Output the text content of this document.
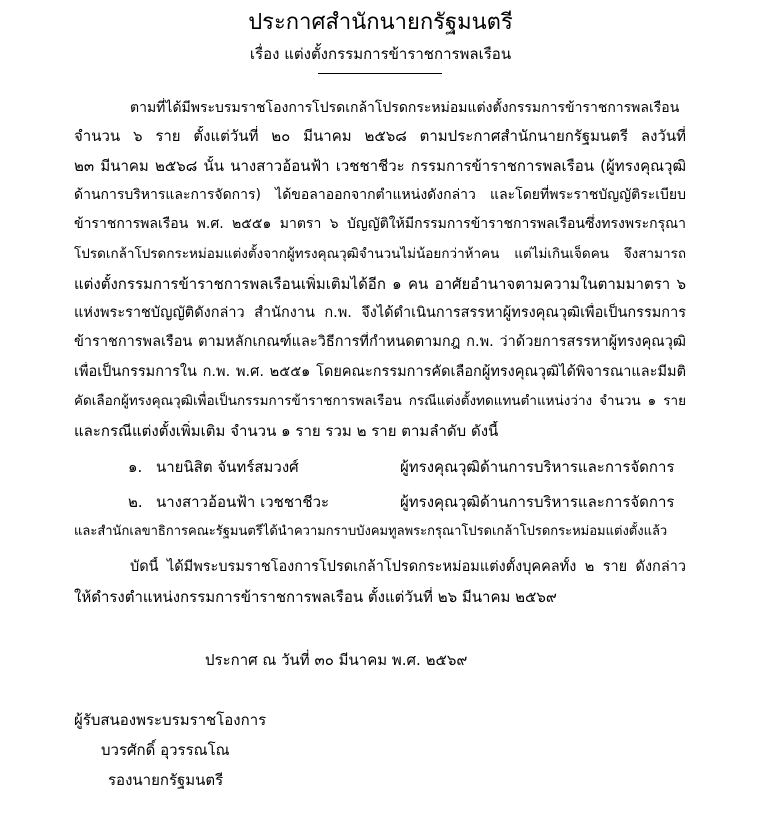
ประกาศสำนักนายกรัฐมนตรี
เรื่อง แต่งตั้งกรรมการข้าราชการพลเรือน
ตามที่ได้มีพระบรมราชโองการโปรดเกล้าโปรดกระหม่อมแต่งตั้งกรรมการข้าราชการพลเรือน
จำนวน ๖ ราย ตั้งแต่วันที่ ๒๐ มีนาคม ๒๕๖๘ ตามประกาศสำนักนายกรัฐมนตรี ลงวันที่
๒๓ มีนาคม ๒๕๖๘ นั้น นางสาวอ้อนฟ้า เวชชาชีวะ กรรมการข้าราชการพลเรือน (ผู้ทรงคุณวุฒิ
ด้านการบริหารและการจัดการ) ได้ขอลาออกจากตำแหน่งดังกล่าว และโดยที่พระราชบัญญัติระเบียบ
ข้าราชการพลเรือน พ.ศ. ๒๕๕๑ มาตรา ๖ บัญญัติให้มีกรรมการข้าราชการพลเรือนซึ่งทรงพระกรุณา
โปรดเกล้าโปรดกระหม่อมแต่งตั้งจากผู้ทรงคุณวุฒิจำนวนไม่น้อยกว่าห้าคน แต่ไม่เกินเจ็ดคน จึงสามารถ
แต่งตั้งกรรมการข้าราชการพลเรือนเพิ่มเติมได้อีก ๑ คน อาศัยอำนาจตามความในตามมาตรา ๖
แห่งพระราชบัญญัติดังกล่าว สำนักงาน ก.พ. จึงได้ดำเนินการสรรหาผู้ทรงคุณวุฒิเพื่อเป็นกรรมการ
ข้าราชการพลเรือน ตามหลักเกณฑ์และวิธีการที่กำหนดตามกฎ ก.พ. ว่าด้วยการสรรหาผู้ทรงคุณวุฒิ
เพื่อเป็นกรรมการใน ก.พ. พ.ศ. ๒๕๕๑ โดยคณะกรรมการคัดเลือกผู้ทรงคุณวุฒิได้พิจารณาและมีมติ
คัดเลือกผู้ทรงคุณวุฒิเพื่อเป็นกรรมการข้าราชการพลเรือน กรณีแต่งตั้งทดแทนตำแหน่งว่าง จำนวน ๑ ราย
และกรณีแต่งตั้งเพิ่มเติม จำนวน ๑ ราย รวม ๒ ราย ตามลำดับ ดังนี้
๑. นายนิสิต จันทร์สมวงศ์	ผู้ทรงคุณวุฒิด้านการบริหารและการจัดการ
๒. นางสาวอ้อนฟ้า เวชชาชีวะ	ผู้ทรงคุณวุฒิด้านการบริหารและการจัดการ
และสำนักเลขาธิการคณะรัฐมนตรีได้นำความกราบบังคมทูลพระกรุณาโปรดเกล้าโปรดกระหม่อมแต่งตั้งแล้ว
บัดนี้ ได้มีพระบรมราชโองการโปรดเกล้าโปรดกระหม่อมแต่งตั้งบุคคลทั้ง ๒ ราย ดังกล่าว
ให้ดำรงตำแหน่งกรรมการข้าราชการพลเรือน ตั้งแต่วันที่ ๒๖ มีนาคม ๒๕๖๙
ประกาศ ณ วันที่ ๓๐ มีนาคม พ.ศ. ๒๕๖๙
ผู้รับสนองพระบรมราชโองการ
บวรศักดิ์ อุวรรณโณ
รองนายกรัฐมนตรี
